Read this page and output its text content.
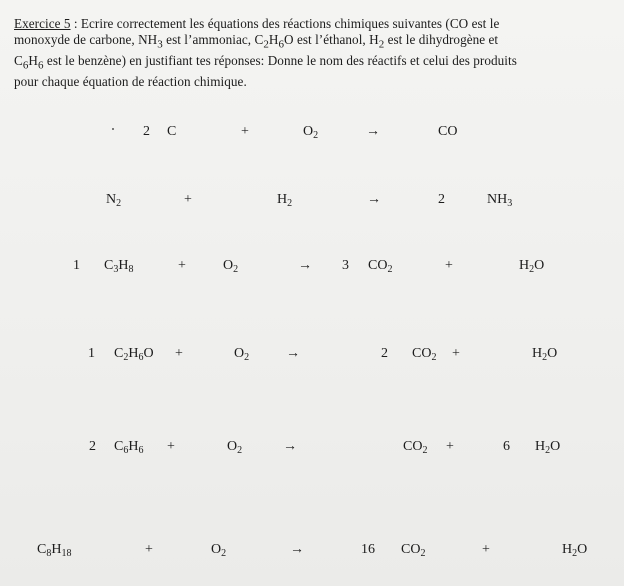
Exercice 5 : Ecrire correctement les équations des réactions chimiques suivantes (CO est le

monoxyde de carbone, $NH_3$ est l’ammoniac, $C_2H_6O$ est l’éthanol, $H_2$ est le dihydrogène et

$C_6H_6$ est le benzène) en justifiant tes réponses: Donne le nom des réactifs et celui des produits

pour chaque équation de réaction chimique.

2 C	+	$O_2$	→	CO
$N_2$	+	$H_2$	→	2	$NH_3$
1 $C_3H_8$	+	$O_2$	→ 3 $CO_2$	+	$H_2O$
1 $C_2H_6O$ +	$O_2$	→	2 $CO_2$ +	$H_2O$
2 $C_6H_6$ +	$O_2$	→	$CO_2$ +	6 $H_2O$
$C_8H_{18}$	+	$O_2$	→	16 $CO_2$	+	$H_2O$
